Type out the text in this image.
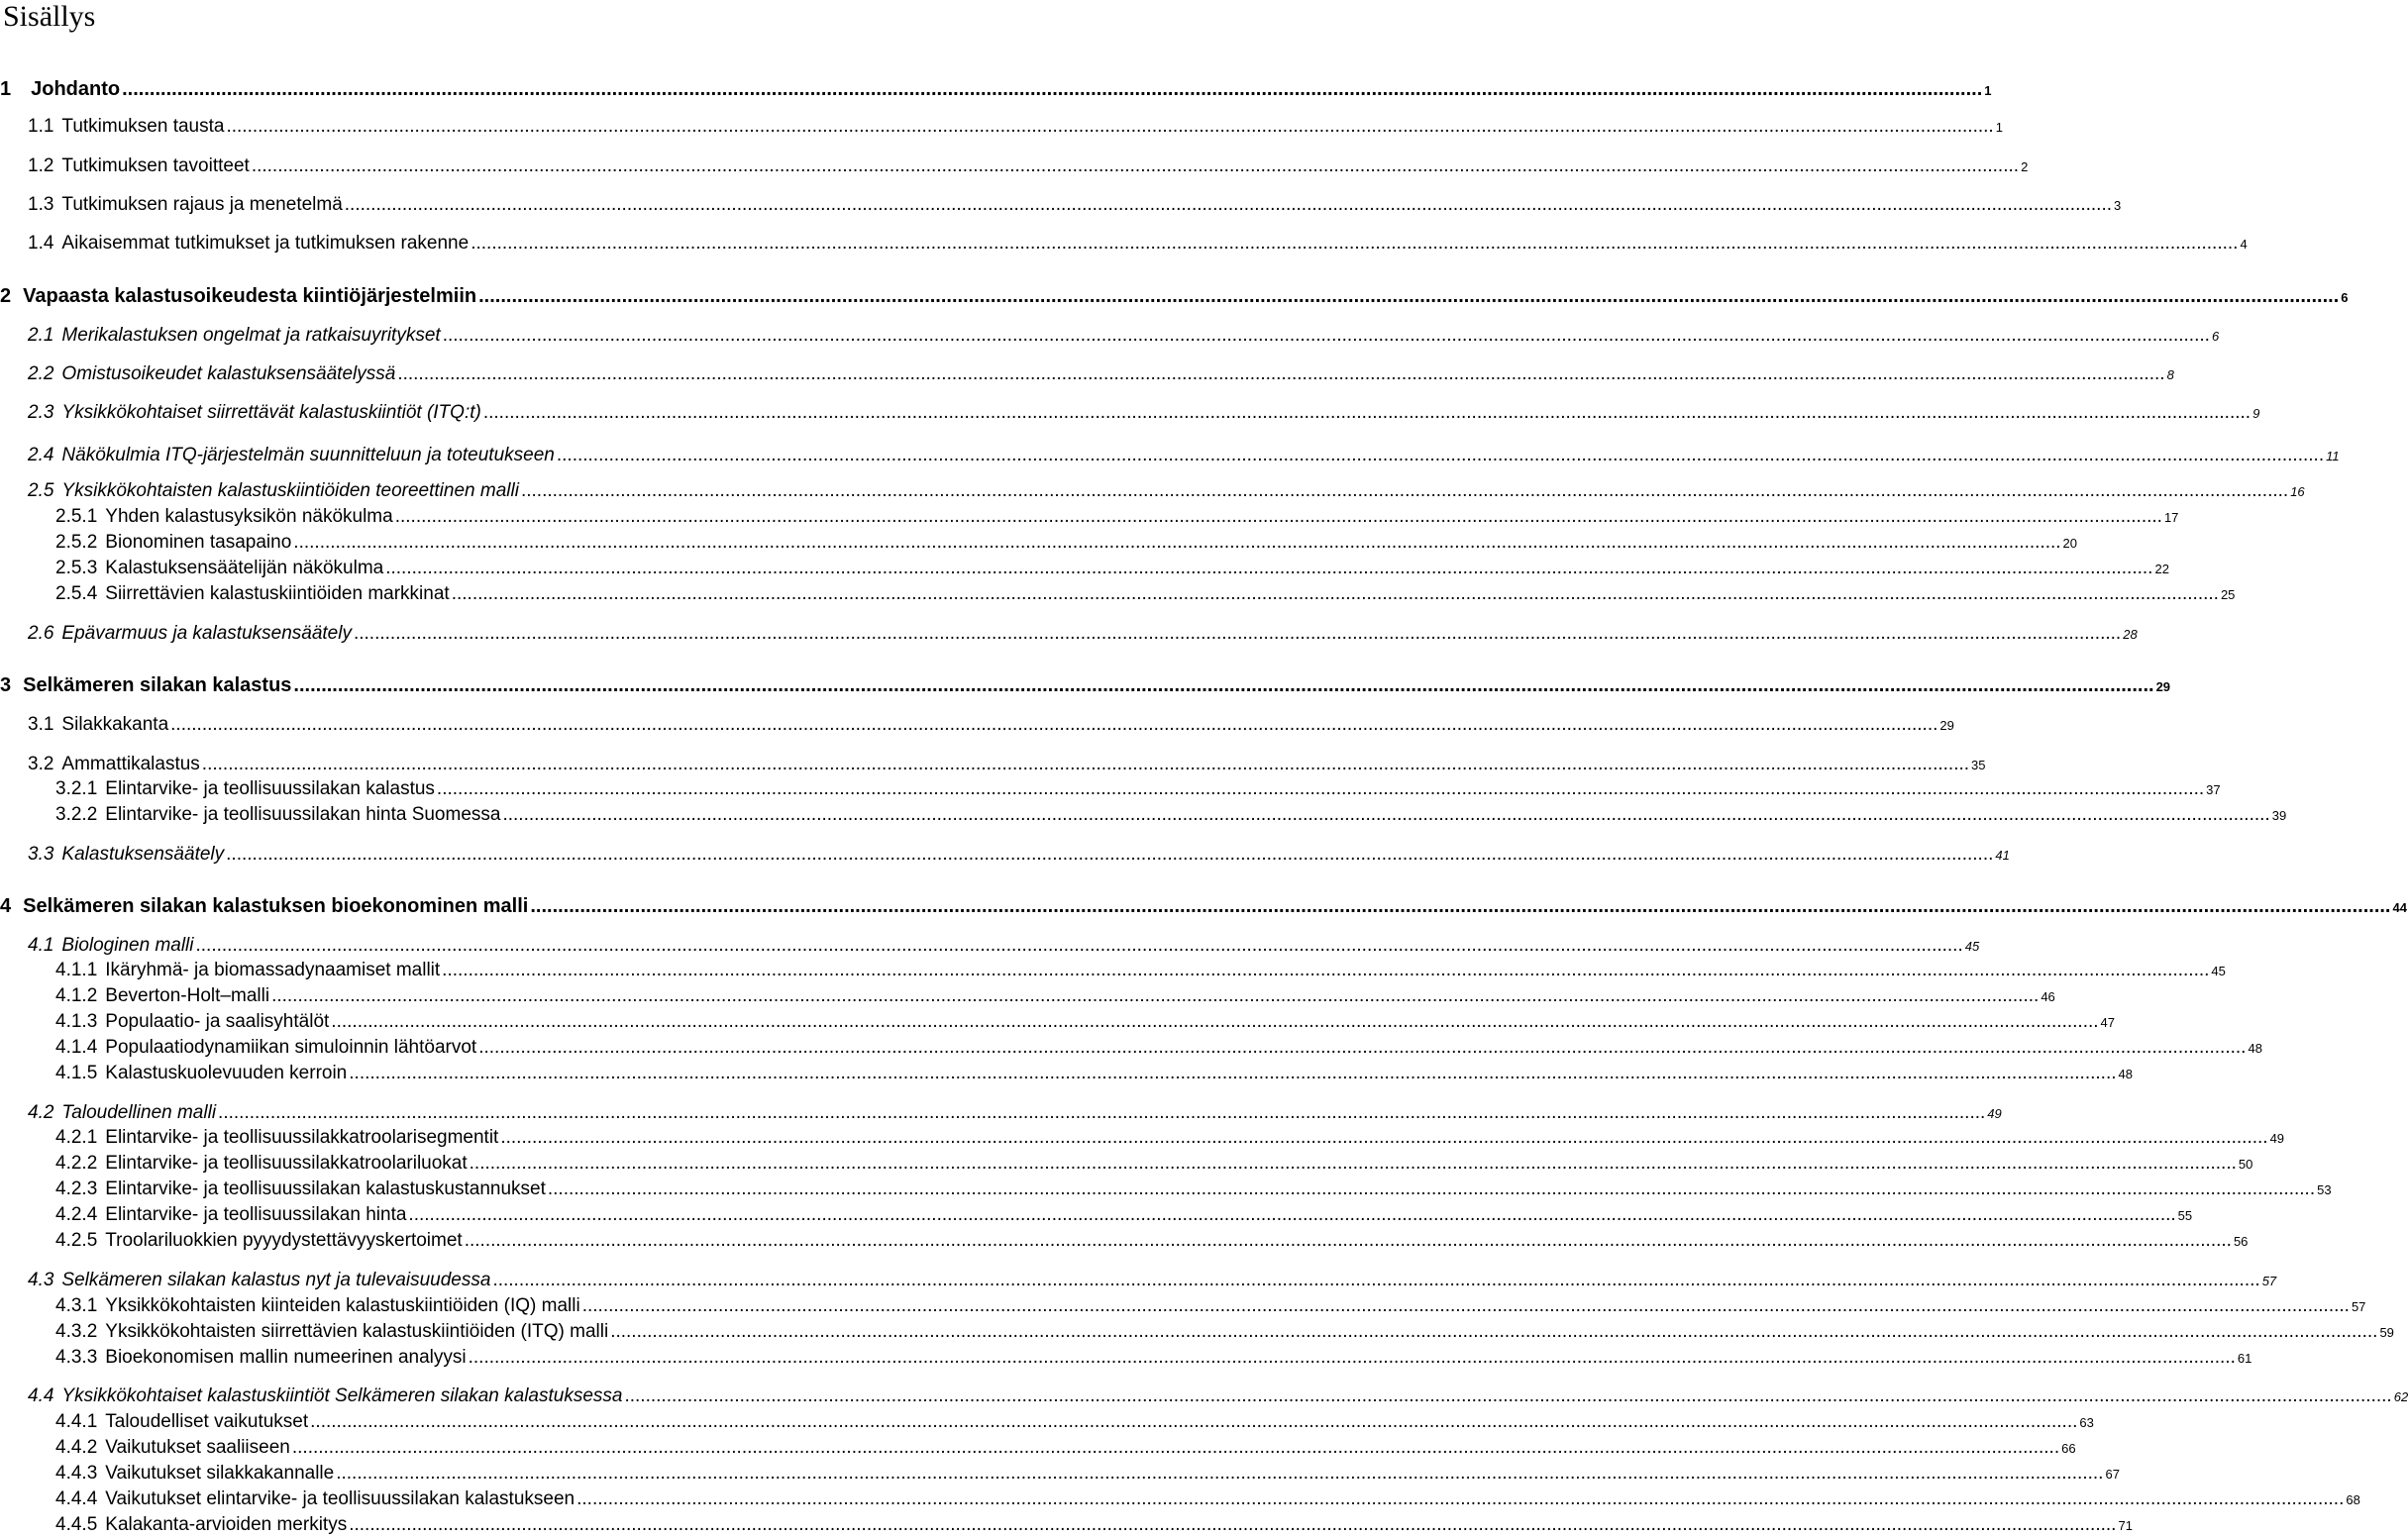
Sisällys
1 Johdanto .....	1
1.1 Tutkimuksen tausta .....	1
1.2 Tutkimuksen tavoitteet .....	2
1.3 Tutkimuksen rajaus ja menetelmä .....	3
1.4 Aikaisemmat tutkimukset ja tutkimuksen rakenne .....	4
2 Vapaasta kalastusoikeudesta kiintiöjärjestelmiin .....	6
2.1 Merikalastuksen ongelmat ja ratkaisuyritykset .....	6
2.2 Omistusoikeudet kalastuksensäätelyssä .....	8
2.3 Yksikkökohtaiset siirrettävät kalastuskiintiöt (ITQ:t) .....	9
2.4 Näkökulmia ITQ-järjestelmän suunnitteluun ja toteutukseen .....	11
2.5 Yksikkökohtaisten kalastuskiintiöiden teoreettinen malli .....	16
2.5.1 Yhden kalastusyksikön näkökulma .....	17
2.5.2 Bionominen tasapaino .....	20
2.5.3 Kalastuksensäätelijän näkökulma .....	22
2.5.4 Siirrettävien kalastuskiintiöiden markkinat .....	25
2.6 Epävarmuus ja kalastuksensäätely .....	28
3 Selkämeren silakan kalastus .....	29
3.1 Silakkakanta .....	29
3.2 Ammattikalastus .....	35
3.2.1 Elintarvike- ja teollisuussilakan kalastus .....	37
3.2.2 Elintarvike- ja teollisuussilakan hinta Suomessa .....	39
3.3 Kalastuksensäätely .....	41
4 Selkämeren silakan kalastuksen bioekonominen malli .....	44
4.1 Biologinen malli .....	45
4.1.1 Ikäryhmä- ja biomassadynaamiset mallit .....	45
4.1.2 Beverton-Holt–malli .....	46
4.1.3 Populaatio- ja saalisyhtälöt .....	47
4.1.4 Populaatiodynamiikan simuloinnin lähtöarvot .....	48
4.1.5 Kalastuskuolevuuden kerroin .....	48
4.2 Taloudellinen malli .....	49
4.2.1 Elintarvike- ja teollisuussilakkatroolarisegmentit .....	49
4.2.2 Elintarvike- ja teollisuussilakkatroolariluokat .....	50
4.2.3 Elintarvike- ja teollisuussilakan kalastuskustannukset .....	53
4.2.4 Elintarvike- ja teollisuussilakan hinta .....	55
4.2.5 Troolariluokkien pyyydystettävyyskertoimet .....	56
4.3 Selkämeren silakan kalastus nyt ja tulevaisuudessa .....	57
4.3.1 Yksikkökohtaisten kiinteiden kalastuskiintiöiden (IQ) malli .....	57
4.3.2 Yksikkökohtaisten siirrettävien kalastuskiintiöiden (ITQ) malli .....	59
4.3.3 Bioekonomisen mallin numeerinen analyysi .....	61
4.4 Yksikkökohtaiset kalastuskiintiöt Selkämeren silakan kalastuksessa .....	62
4.4.1 Taloudelliset vaikutukset .....	63
4.4.2 Vaikutukset saaliiseen .....	66
4.4.3 Vaikutukset silakkakannalle .....	67
4.4.4 Vaikutukset elintarvike- ja teollisuussilakan kalastukseen .....	68
4.4.5 Kalakanta-arvioiden merkitys .....	71
